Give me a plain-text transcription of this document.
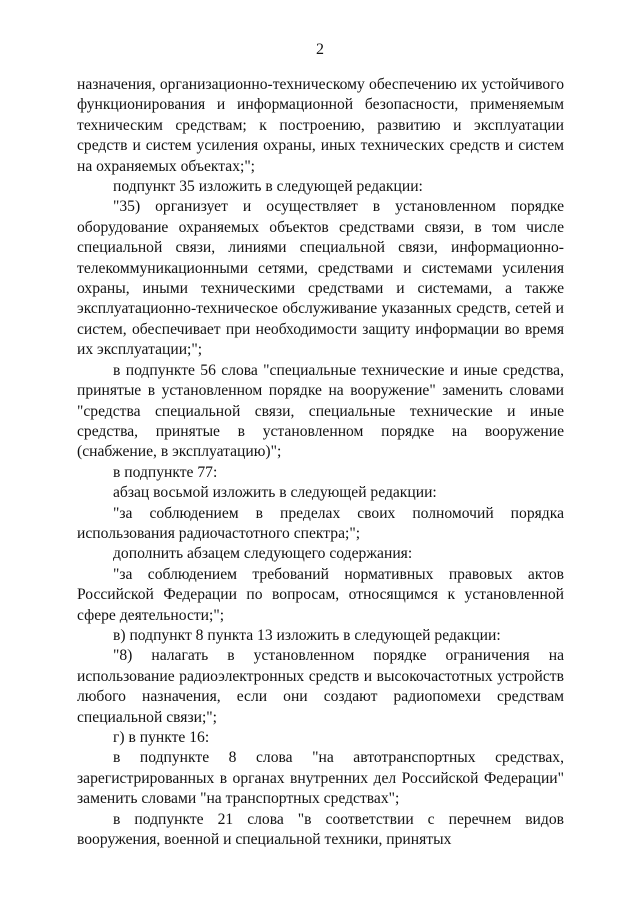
2

назначения, организационно-техническому обеспечению их устойчивого функционирования и информационной безопасности, применяемым техническим средствам; к построению, развитию и эксплуатации средств и систем усиления охраны, иных технических средств и систем на охраняемых объектах;";

подпункт 35 изложить в следующей редакции:

"35) организует и осуществляет в установленном порядке оборудование охраняемых объектов средствами связи, в том числе специальной связи, линиями специальной связи, информационно-телекоммуникационными сетями, средствами и системами усиления охраны, иными техническими средствами и системами, а также эксплуатационно-техническое обслуживание указанных средств, сетей и систем, обеспечивает при необходимости защиту информации во время их эксплуатации;";

в подпункте 56 слова "специальные технические и иные средства, принятые в установленном порядке на вооружение" заменить словами "средства специальной связи, специальные технические и иные средства, принятые в установленном порядке на вооружение (снабжение, в эксплуатацию)";

в подпункте 77:

абзац восьмой изложить в следующей редакции:

"за соблюдением в пределах своих полномочий порядка использования радиочастотного спектра;";

дополнить абзацем следующего содержания:

"за соблюдением требований нормативных правовых актов Российской Федерации по вопросам, относящимся к установленной сфере деятельности;";

в) подпункт 8 пункта 13 изложить в следующей редакции:

"8) налагать в установленном порядке ограничения на использование радиоэлектронных средств и высокочастотных устройств любого назначения, если они создают радиопомехи средствам специальной связи;";

г) в пункте 16:

в подпункте 8 слова "на автотранспортных средствах, зарегистрированных в органах внутренних дел Российской Федерации" заменить словами "на транспортных средствах";

в подпункте 21 слова "в соответствии с перечнем видов вооружения, военной и специальной техники, принятых
